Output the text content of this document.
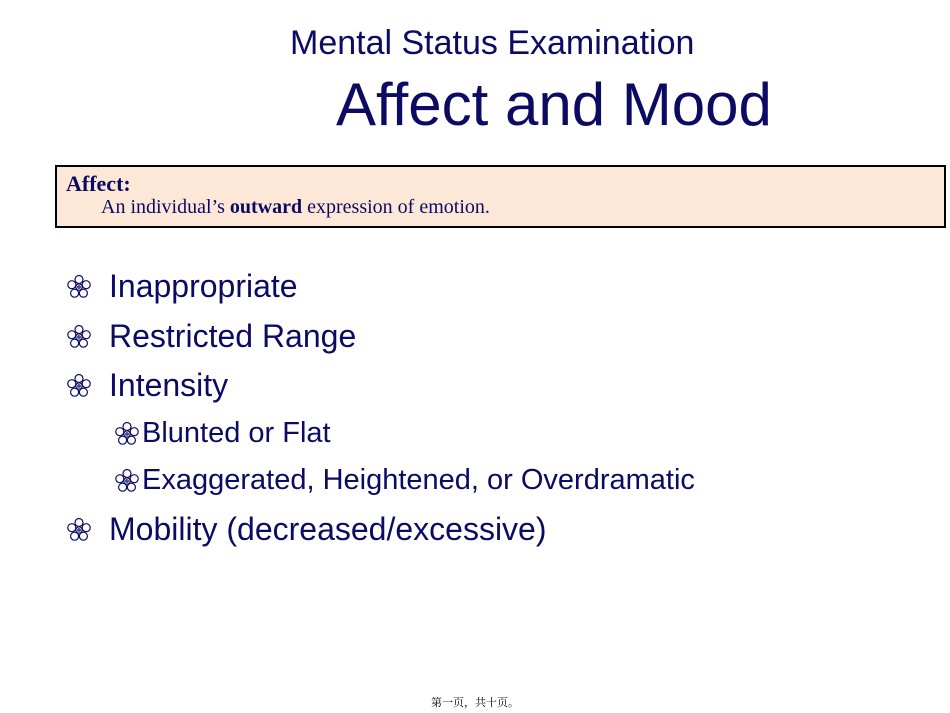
Mental Status Examination
Affect and Mood
Affect:
An individual’s outward expression of emotion.
Inappropriate
Restricted Range
Intensity
Blunted or Flat
Exaggerated, Heightened, or Overdramatic
Mobility (decreased/excessive)
第一页，共十页。
